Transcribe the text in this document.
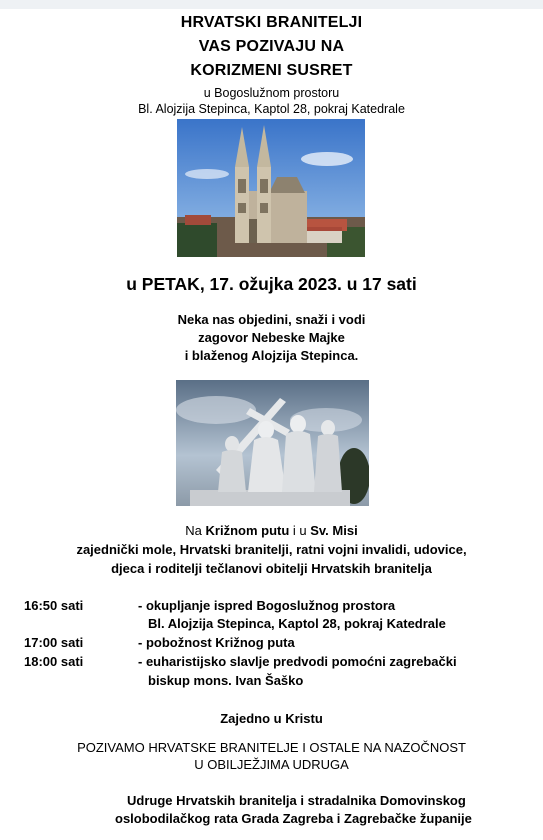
HRVATSKI BRANITELJI
VAS POZIVAJU NA
KORIZMENI SUSRET
u Bogoslužnom prostoru
Bl. Alojzija Stepinca, Kaptol 28, pokraj Katedrale
u PETAK, 17. ožujka 2023. u 17 sati
Neka nas objedini, snaži i vodi
zagovor Nebeske Majke
i blaženog Alojzija Stepinca.
Na Križnom putu i u Sv. Misi
zajednički mole, Hrvatski branitelji, ratni vojni invalidi, udovice,
djeca i roditelji tečlanovi obitelji Hrvatskih branitelja
16:50 sati	- okupljanje ispred Bogoslužnog prostora
Bl. Alojzija Stepinca, Kaptol 28, pokraj Katedrale
17:00 sati	- pobožnost Križnog puta
18:00 sati	- euharistijsko slavlje predvodi pomoćni zagrebački
biskup mons. Ivan Šaško
Zajedno u Kristu
POZIVAMO HRVATSKE BRANITELJE I OSTALE NA NAZOČNOST
U OBILJEŽJIMA UDRUGA
Udruge Hrvatskih branitelja i stradalnika Domovinskog
oslobodilačkog rata Grada Zagreba i Zagrebačke županije
